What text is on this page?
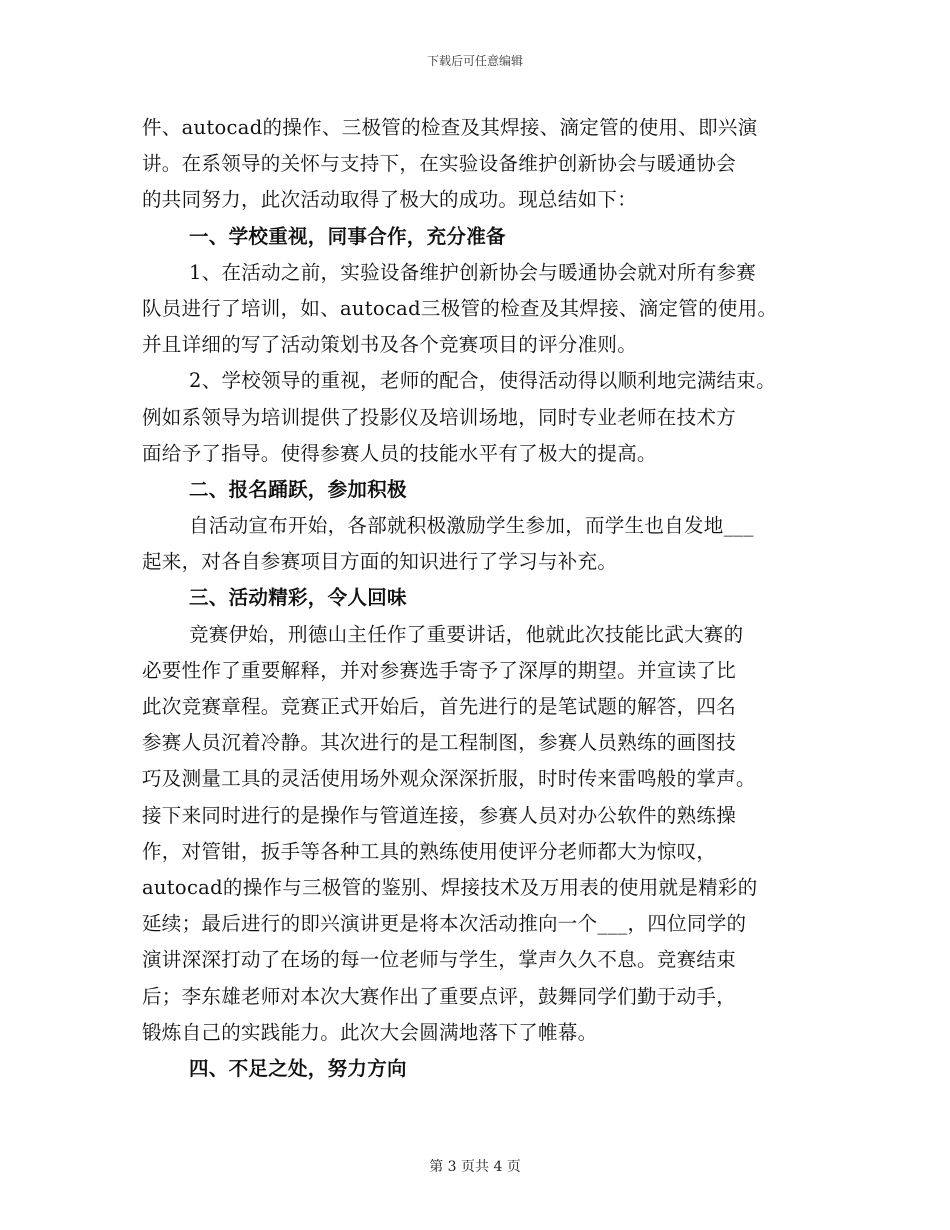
下载后可任意编辑
件、autocad的操作、三极管的检查及其焊接、滴定管的使用、即兴演
讲。在系领导的关怀与支持下，在实验设备维护创新协会与暖通协会
的共同努力，此次活动取得了极大的成功。现总结如下：
一、学校重视，同事合作，充分准备
1、在活动之前，实验设备维护创新协会与暖通协会就对所有参赛
队员进行了培训，如、autocad三极管的检查及其焊接、滴定管的使用。
并且详细的写了活动策划书及各个竞赛项目的评分准则。
2、学校领导的重视，老师的配合，使得活动得以顺利地完满结束。
例如系领导为培训提供了投影仪及培训场地，同时专业老师在技术方
面给予了指导。使得参赛人员的技能水平有了极大的提高。
二、报名踊跃，参加积极
自活动宣布开始，各部就积极激励学生参加，而学生也自发地___
起来，对各自参赛项目方面的知识进行了学习与补充。
三、活动精彩，令人回味
竞赛伊始，刑德山主任作了重要讲话，他就此次技能比武大赛的
必要性作了重要解释，并对参赛选手寄予了深厚的期望。并宣读了比
此次竞赛章程。竞赛正式开始后，首先进行的是笔试题的解答，四名
参赛人员沉着冷静。其次进行的是工程制图，参赛人员熟练的画图技
巧及测量工具的灵活使用场外观众深深折服，时时传来雷鸣般的掌声。
接下来同时进行的是操作与管道连接，参赛人员对办公软件的熟练操
作，对管钳，扳手等各种工具的熟练使用使评分老师都大为惊叹，
autocad的操作与三极管的鉴别、焊接技术及万用表的使用就是精彩的
延续；最后进行的即兴演讲更是将本次活动推向一个___，四位同学的
演讲深深打动了在场的每一位老师与学生，掌声久久不息。竞赛结束
后；李东雄老师对本次大赛作出了重要点评，鼓舞同学们勤于动手，
锻炼自己的实践能力。此次大会圆满地落下了帷幕。
四、不足之处，努力方向
第 3 页共 4 页
